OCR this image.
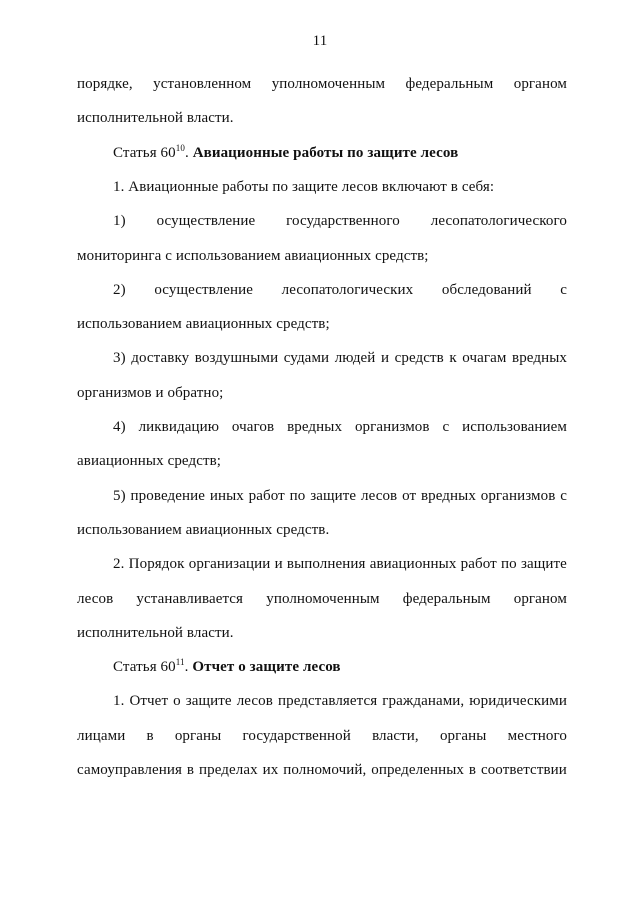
11
порядке, установленном уполномоченным федеральным органом
исполнительной власти.
Статья $60^{10}$. Авиационные работы по защите лесов
1. Авиационные работы по защите лесов включают в себя:
1) осуществление государственного лесопатологического
мониторинга с использованием авиационных средств;
2) осуществление лесопатологических обследований с
использованием авиационных средств;
3) доставку воздушными судами людей и средств к очагам вредных
организмов и обратно;
4) ликвидацию очагов вредных организмов с использованием
авиационных средств;
5) проведение иных работ по защите лесов от вредных организмов с
использованием авиационных средств.
2. Порядок организации и выполнения авиационных работ по защите
лесов устанавливается уполномоченным федеральным органом
исполнительной власти.
Статья $60^{11}$. Отчет о защите лесов
1. Отчет о защите лесов представляется гражданами, юридическими
лицами в органы государственной власти, органы местного
самоуправления в пределах их полномочий, определенных в соответствии
